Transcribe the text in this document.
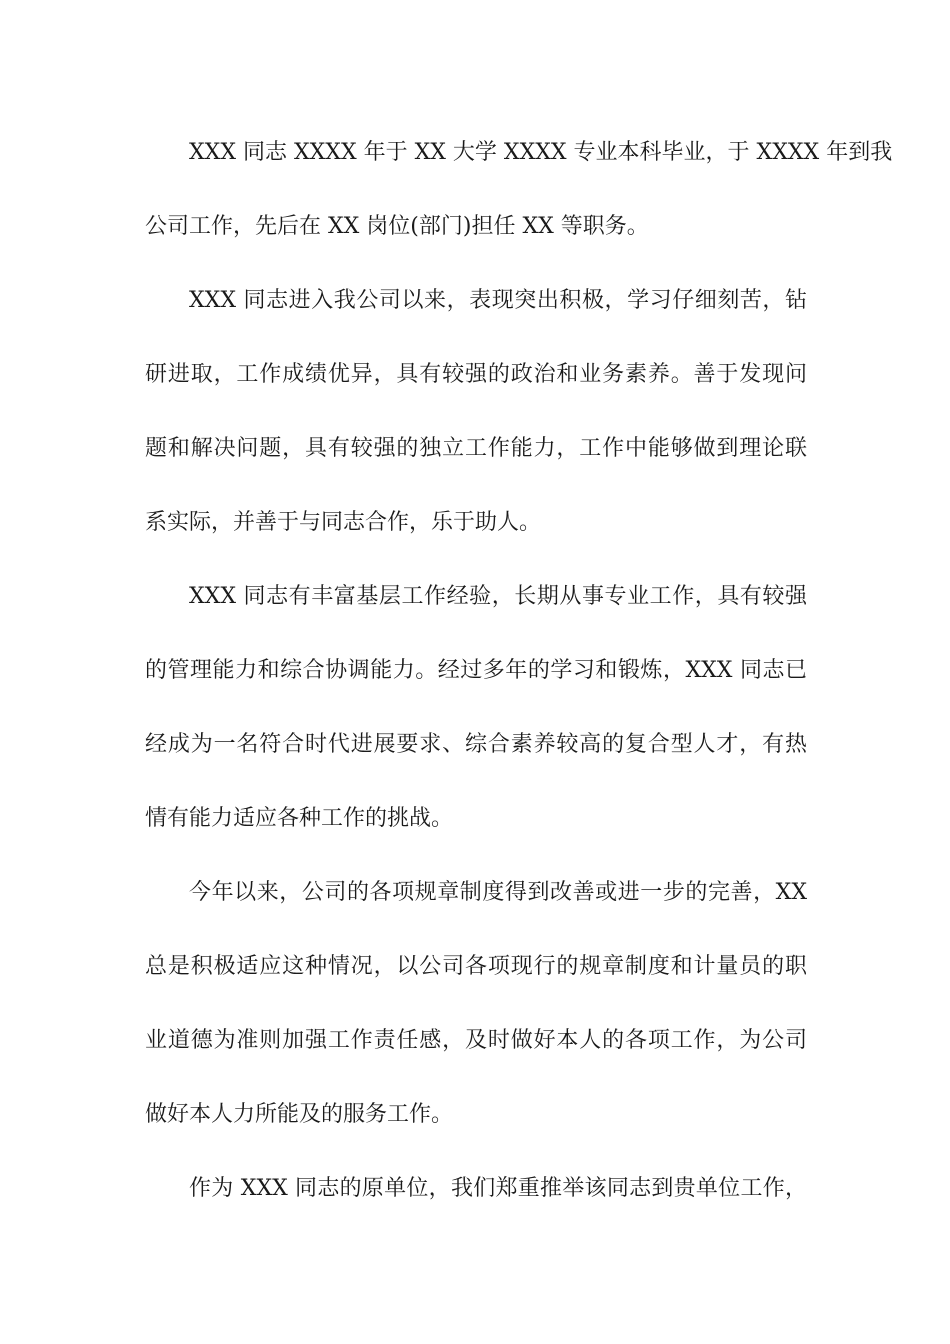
XXX 同志 XXXX 年于 XX 大学 XXXX 专业本科毕业，于 XXXX 年到我
公司工作，先后在 XX 岗位(部门)担任 XX 等职务。
XXX 同志进入我公司以来，表现突出积极，学习仔细刻苦，钻
研进取，工作成绩优异，具有较强的政治和业务素养。善于发现问
题和解决问题，具有较强的独立工作能力，工作中能够做到理论联
系实际，并善于与同志合作，乐于助人。
XXX 同志有丰富基层工作经验，长期从事专业工作，具有较强
的管理能力和综合协调能力。经过多年的学习和锻炼，XXX 同志已
经成为一名符合时代进展要求、综合素养较高的复合型人才，有热
情有能力适应各种工作的挑战。
今年以来，公司的各项规章制度得到改善或进一步的完善，XX
总是积极适应这种情况，以公司各项现行的规章制度和计量员的职
业道德为准则加强工作责任感，及时做好本人的各项工作，为公司
做好本人力所能及的服务工作。
作为 XXX 同志的原单位，我们郑重推举该同志到贵单位工作，
